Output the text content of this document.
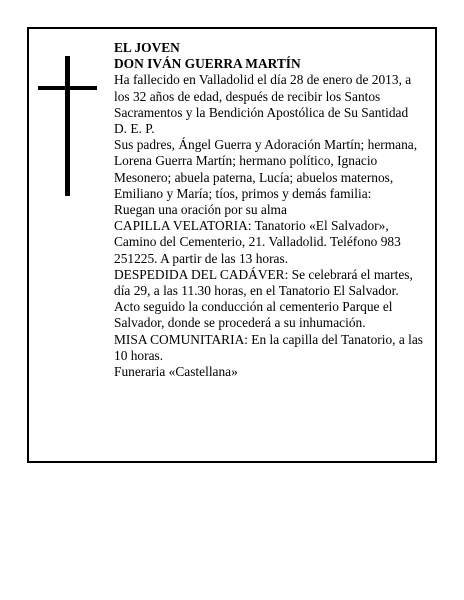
EL JOVEN

DON IVÁN GUERRA MARTÍN

Ha fallecido en Valladolid el día 28 de enero de 2013, a los 32 años de edad, después de recibir los Santos Sacramentos y la Bendición Apostólica de Su Santidad

D. E. P.

Sus padres, Ángel Guerra y Adoración Martín; hermana, Lorena Guerra Martín; hermano político, Ignacio Mesonero; abuela paterna, Lucía; abuelos maternos, Emiliano y María; tíos, primos y demás familia:

Ruegan una oración por su alma

CAPILLA VELATORIA: Tanatorio «El Salvador», Camino del Cementerio, 21. Valladolid. Teléfono 983 251225. A partir de las 13 horas.

DESPEDIDA DEL CADÁVER: Se celebrará el martes, día 29, a las 11.30 horas, en el Tanatorio El Salvador. Acto seguido la conducción al cementerio Parque el Salvador, donde se procederá a su inhumación.

MISA COMUNITARIA: En la capilla del Tanatorio, a las 10 horas.

Funeraria «Castellana»
